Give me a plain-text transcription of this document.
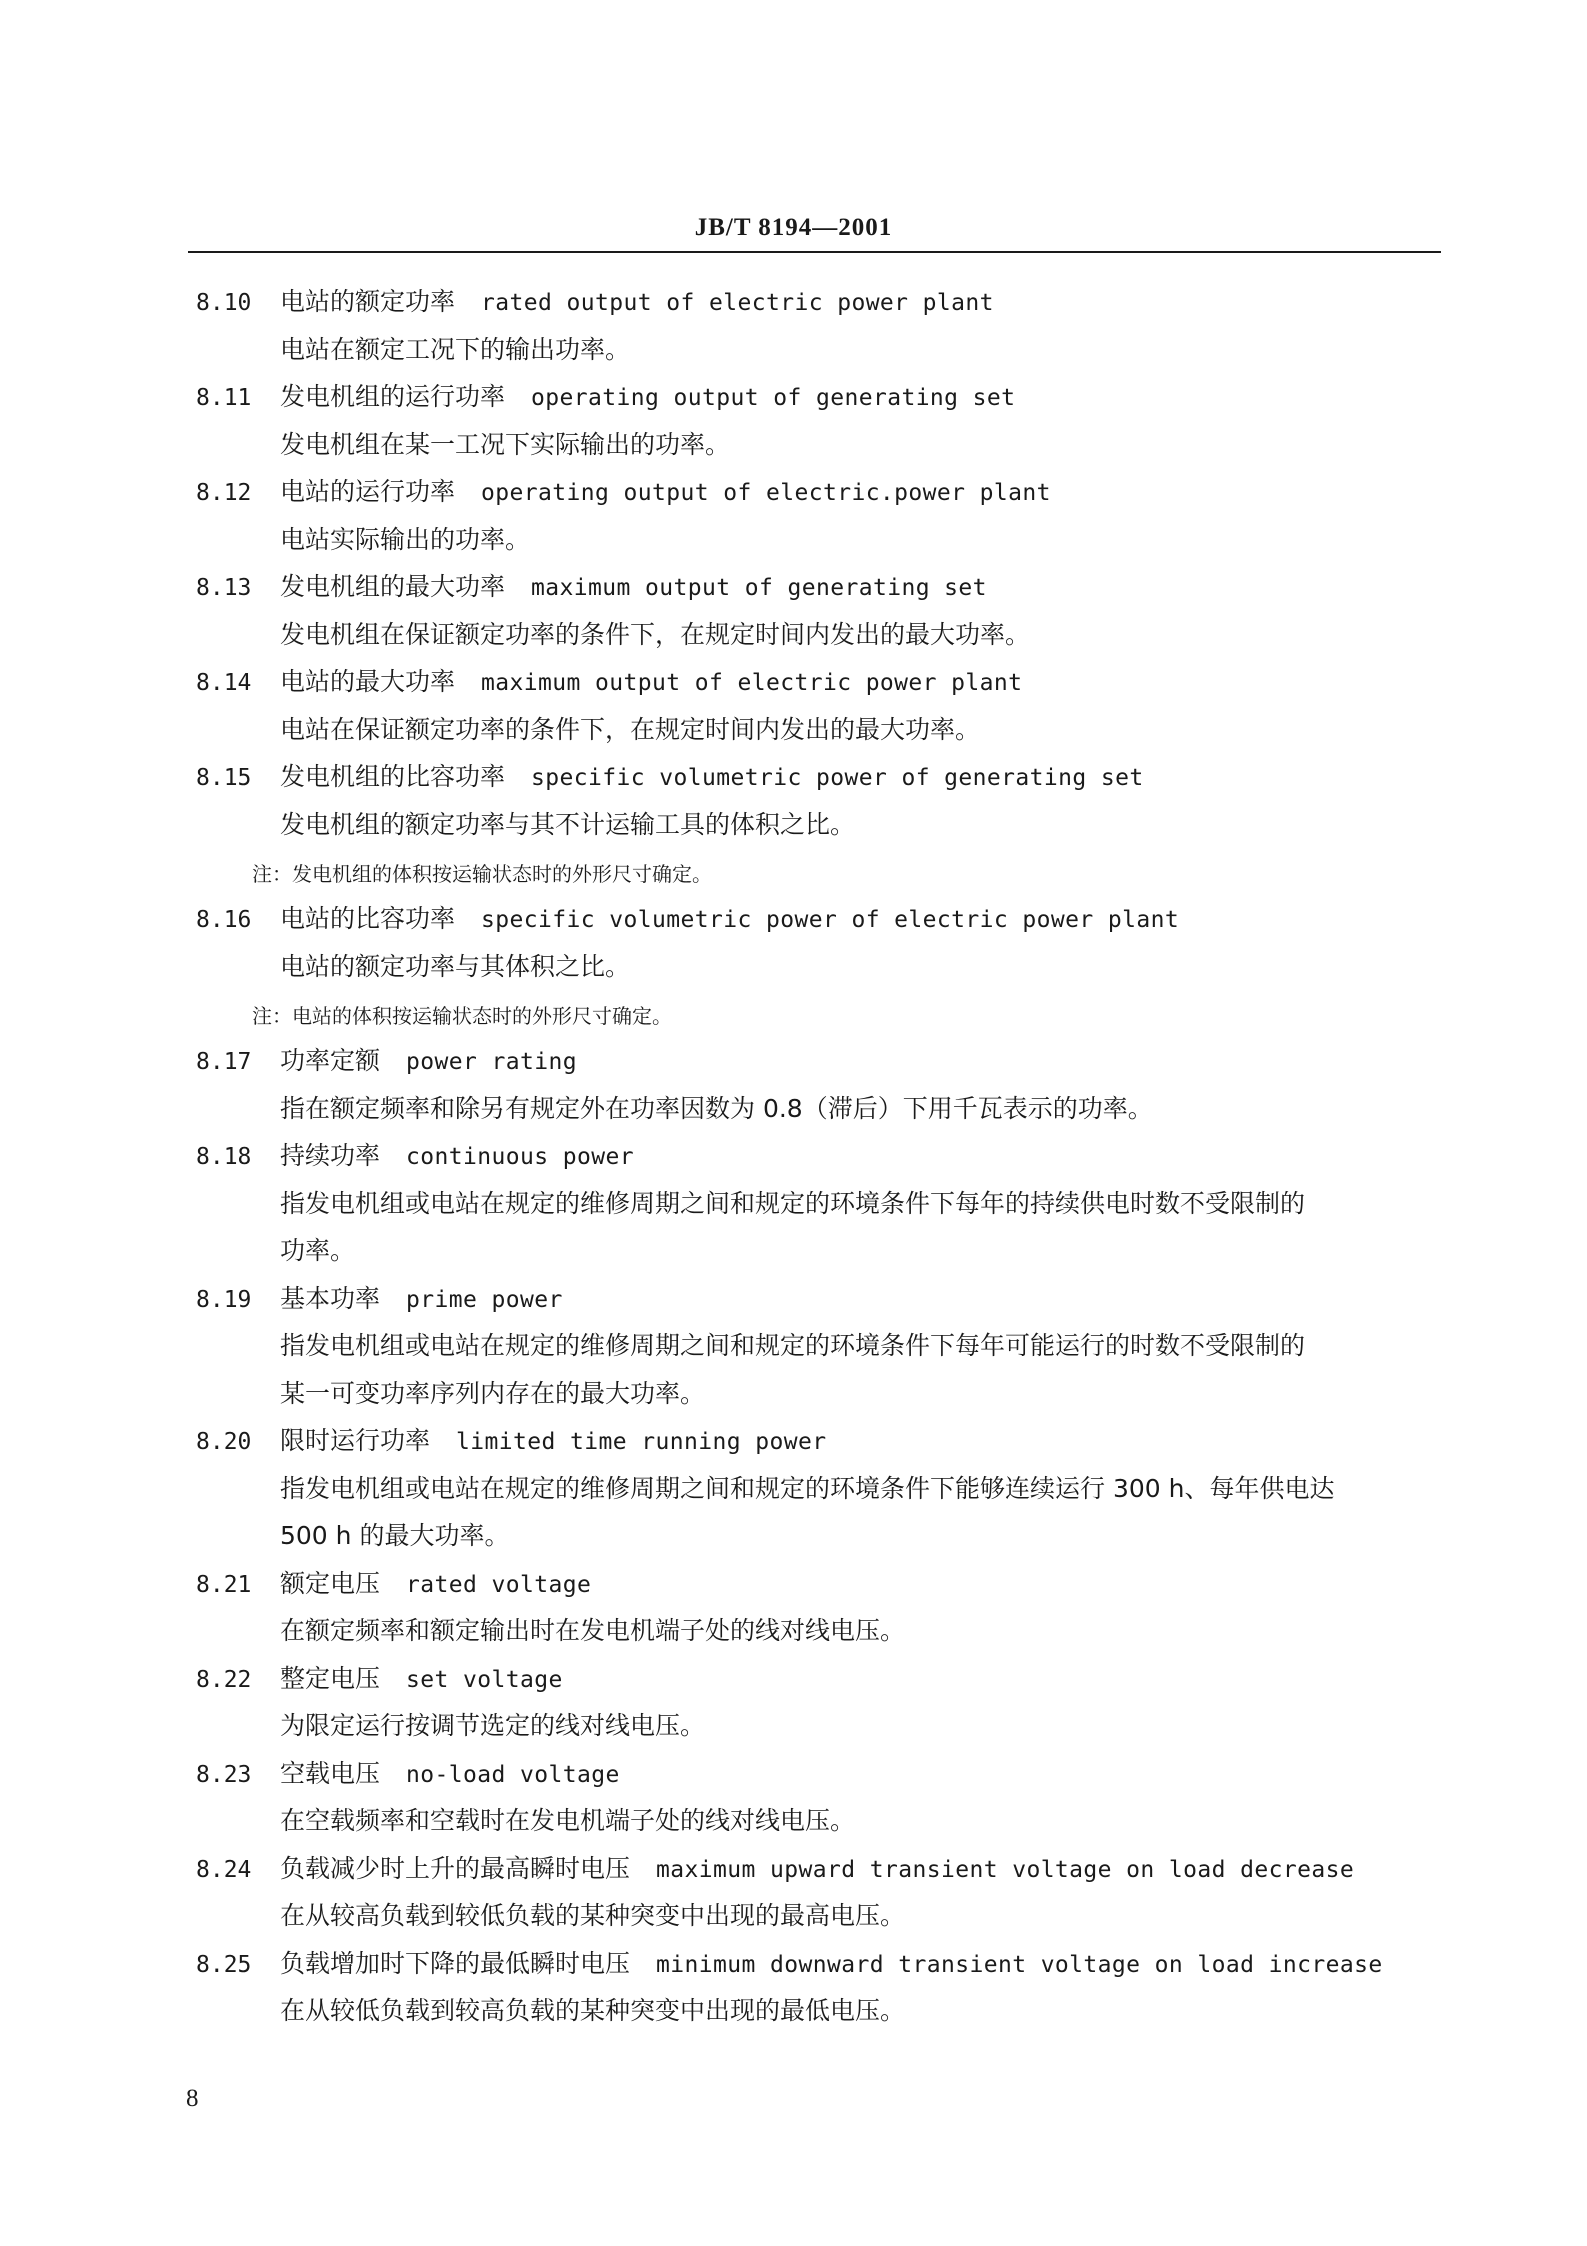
JB/T 8194—2001
8.10 电站的额定功率 rated output of electric power plant
电站在额定工况下的输出功率。
8.11 发电机组的运行功率 operating output of generating set
发电机组在某一工况下实际输出的功率。
8.12 电站的运行功率 operating output of electric.power plant
电站实际输出的功率。
8.13 发电机组的最大功率 maximum output of generating set
发电机组在保证额定功率的条件下，在规定时间内发出的最大功率。
8.14 电站的最大功率 maximum output of electric power plant
电站在保证额定功率的条件下，在规定时间内发出的最大功率。
8.15 发电机组的比容功率 specific volumetric power of generating set
发电机组的额定功率与其不计运输工具的体积之比。
注：发电机组的体积按运输状态时的外形尺寸确定。
8.16 电站的比容功率 specific volumetric power of electric power plant
电站的额定功率与其体积之比。
注：电站的体积按运输状态时的外形尺寸确定。
8.17 功率定额 power rating
指在额定频率和除另有规定外在功率因数为 0.8（滞后）下用千瓦表示的功率。
8.18 持续功率 continuous power
指发电机组或电站在规定的维修周期之间和规定的环境条件下每年的持续供电时数不受限制的
功率。
8.19 基本功率 prime power
指发电机组或电站在规定的维修周期之间和规定的环境条件下每年可能运行的时数不受限制的
某一可变功率序列内存在的最大功率。
8.20 限时运行功率 limited time running power
指发电机组或电站在规定的维修周期之间和规定的环境条件下能够连续运行 300 h、每年供电达
500 h 的最大功率。
8.21 额定电压 rated voltage
在额定频率和额定输出时在发电机端子处的线对线电压。
8.22 整定电压 set voltage
为限定运行按调节选定的线对线电压。
8.23 空载电压 no-load voltage
在空载频率和空载时在发电机端子处的线对线电压。
8.24 负载减少时上升的最高瞬时电压 maximum upward transient voltage on load decrease
在从较高负载到较低负载的某种突变中出现的最高电压。
8.25 负载增加时下降的最低瞬时电压 minimum downward transient voltage on load increase
在从较低负载到较高负载的某种突变中出现的最低电压。
8
